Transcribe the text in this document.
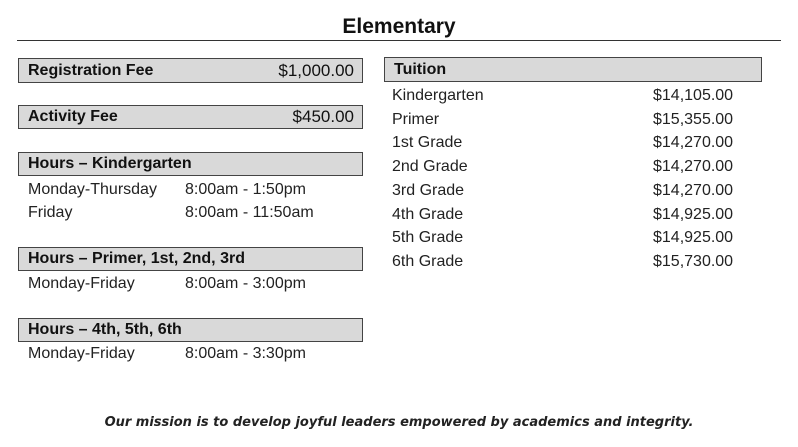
Elementary
Registration Fee	$1,000.00
Activity Fee	$450.00
Hours – Kindergarten
Monday-Thursday 8:00am - 1:50pm
Friday	8:00am - 11:50am
Hours – Primer, 1st, 2nd, 3rd
Monday-Friday	8:00am - 3:00pm
Hours – 4th, 5th, 6th
Monday-Friday	8:00am - 3:30pm
Tuition
Kindergarten	$14,105.00
Primer	$15,355.00
1st Grade	$14,270.00
2nd Grade	$14,270.00
3rd Grade	$14,270.00
4th Grade	$14,925.00
5th Grade	$14,925.00
6th Grade	$15,730.00
Our mission is to develop joyful leaders empowered by academics and integrity.
